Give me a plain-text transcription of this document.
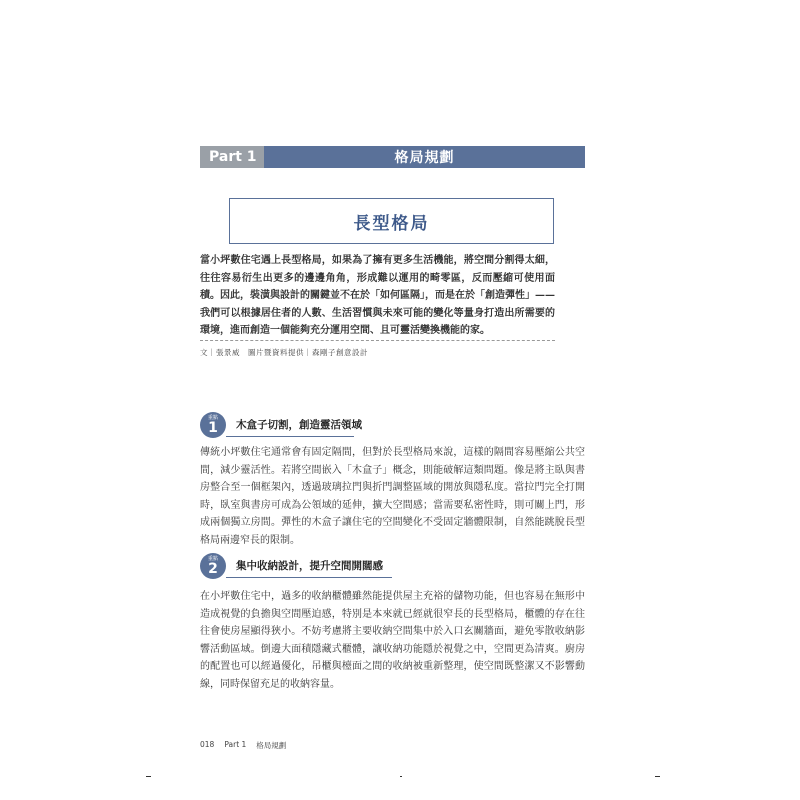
Part 1	格局規劃
長型格局
當小坪數住宅遇上長型格局，如果為了擁有更多生活機能，將空間分割得太細，往往容易衍生出更多的邊邊角角，形成難以運用的畸零區，反而壓縮可使用面積。因此，裝潢與設計的關鍵並不在於「如何區隔」，而是在於「創造彈性」——我們可以根據居住者的人數、生活習慣與未來可能的變化等量身打造出所需要的環境，進而創造一個能夠充分運用空間、且可靈活變換機能的家。
文｜張景威　圖片暨資料提供｜森剛子創意設計
重點
1 木盒子切割，創造靈活領域
傳統小坪數住宅通常會有固定隔間，但對於長型格局來說，這樣的隔間容易壓縮公共空間，減少靈活性。若將空間嵌入「木盒子」概念，則能破解這類問題。像是將主臥與書房整合至一個框架內，透過玻璃拉門與折門調整區域的開放與隱私度。當拉門完全打開時，臥室與書房可成為公領域的延伸，擴大空間感；當需要私密性時，則可關上門，形成兩個獨立房間。彈性的木盒子讓住宅的空間變化不受固定牆體限制，自然能跳脫長型格局兩邊窄長的限制。
重點
2 集中收納設計，提升空間開闊感
在小坪數住宅中，過多的收納櫃體雖然能提供屋主充裕的儲物功能，但也容易在無形中造成視覺的負擔與空間壓迫感，特別是本來就已經就很窄長的長型格局，櫃體的存在往往會使房屋顯得狹小。不妨考慮將主要收納空間集中於入口玄關牆面，避免零散收納影響活動區域。倒邊大面積隱藏式櫃體，讓收納功能隱於視覺之中，空間更為清爽。廚房的配置也可以經過優化，吊櫃與檯面之間的收納被重新整理，使空間既整潔又不影響動線，同時保留充足的收納容量。
018 Part 1 格局規劃
